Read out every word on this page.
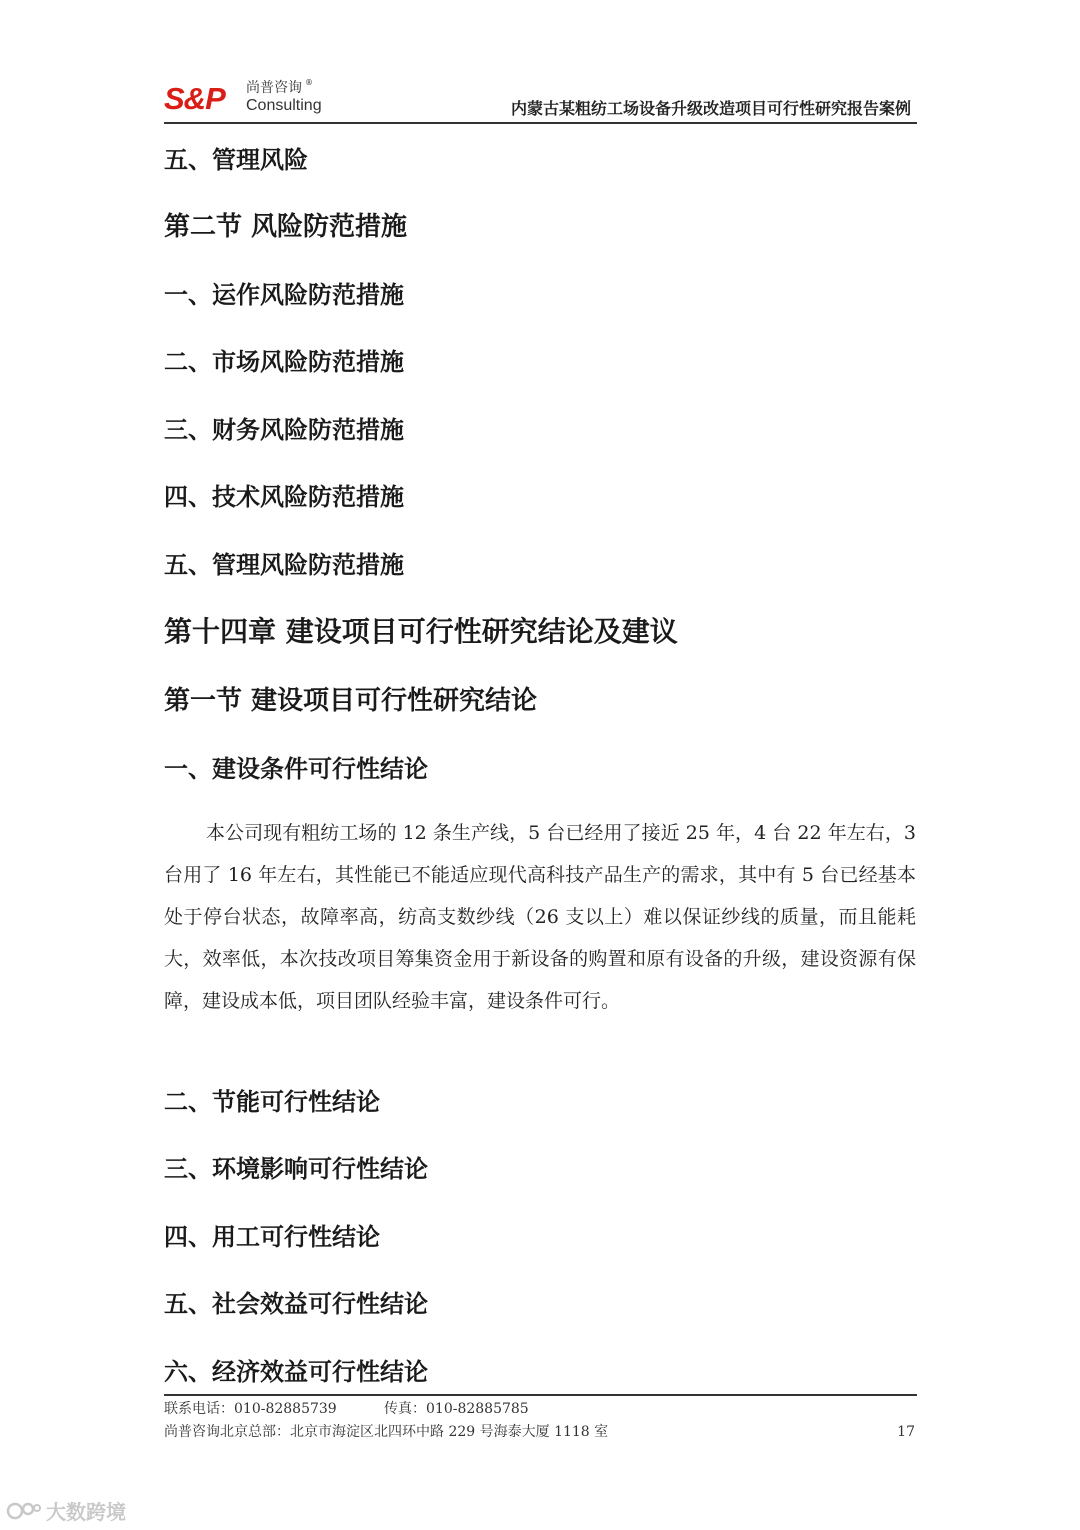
S&P 尚普咨询 ®
Consulting	内蒙古某粗纺工场设备升级改造项目可行性研究报告案例
五、管理风险
第二节 风险防范措施
一、运作风险防范措施
二、市场风险防范措施
三、财务风险防范措施
四、技术风险防范措施
五、管理风险防范措施
第十四章 建设项目可行性研究结论及建议
第一节 建设项目可行性研究结论
一、建设条件可行性结论

本公司现有粗纺工场的 12 条生产线，5 台已经用了接近 25 年，4 台 22 年左右，3 台用了 16 年左右，其性能已不能适应现代高科技产品生产的需求，其中有 5 台已经基本处于停台状态，故障率高，纺高支数纱线（26 支以上）难以保证纱线的质量，而且能耗大，效率低，本次技改项目筹集资金用于新设备的购置和原有设备的升级，建设资源有保障，建设成本低，项目团队经验丰富，建设条件可行。

二、节能可行性结论
三、环境影响可行性结论
四、用工可行性结论
五、社会效益可行性结论
六、经济效益可行性结论
联系电话：010-82885739	传真：010-82885785
尚普咨询北京总部：北京市海淀区北四环中路 229 号海泰大厦 1118 室	17
大数跨境
